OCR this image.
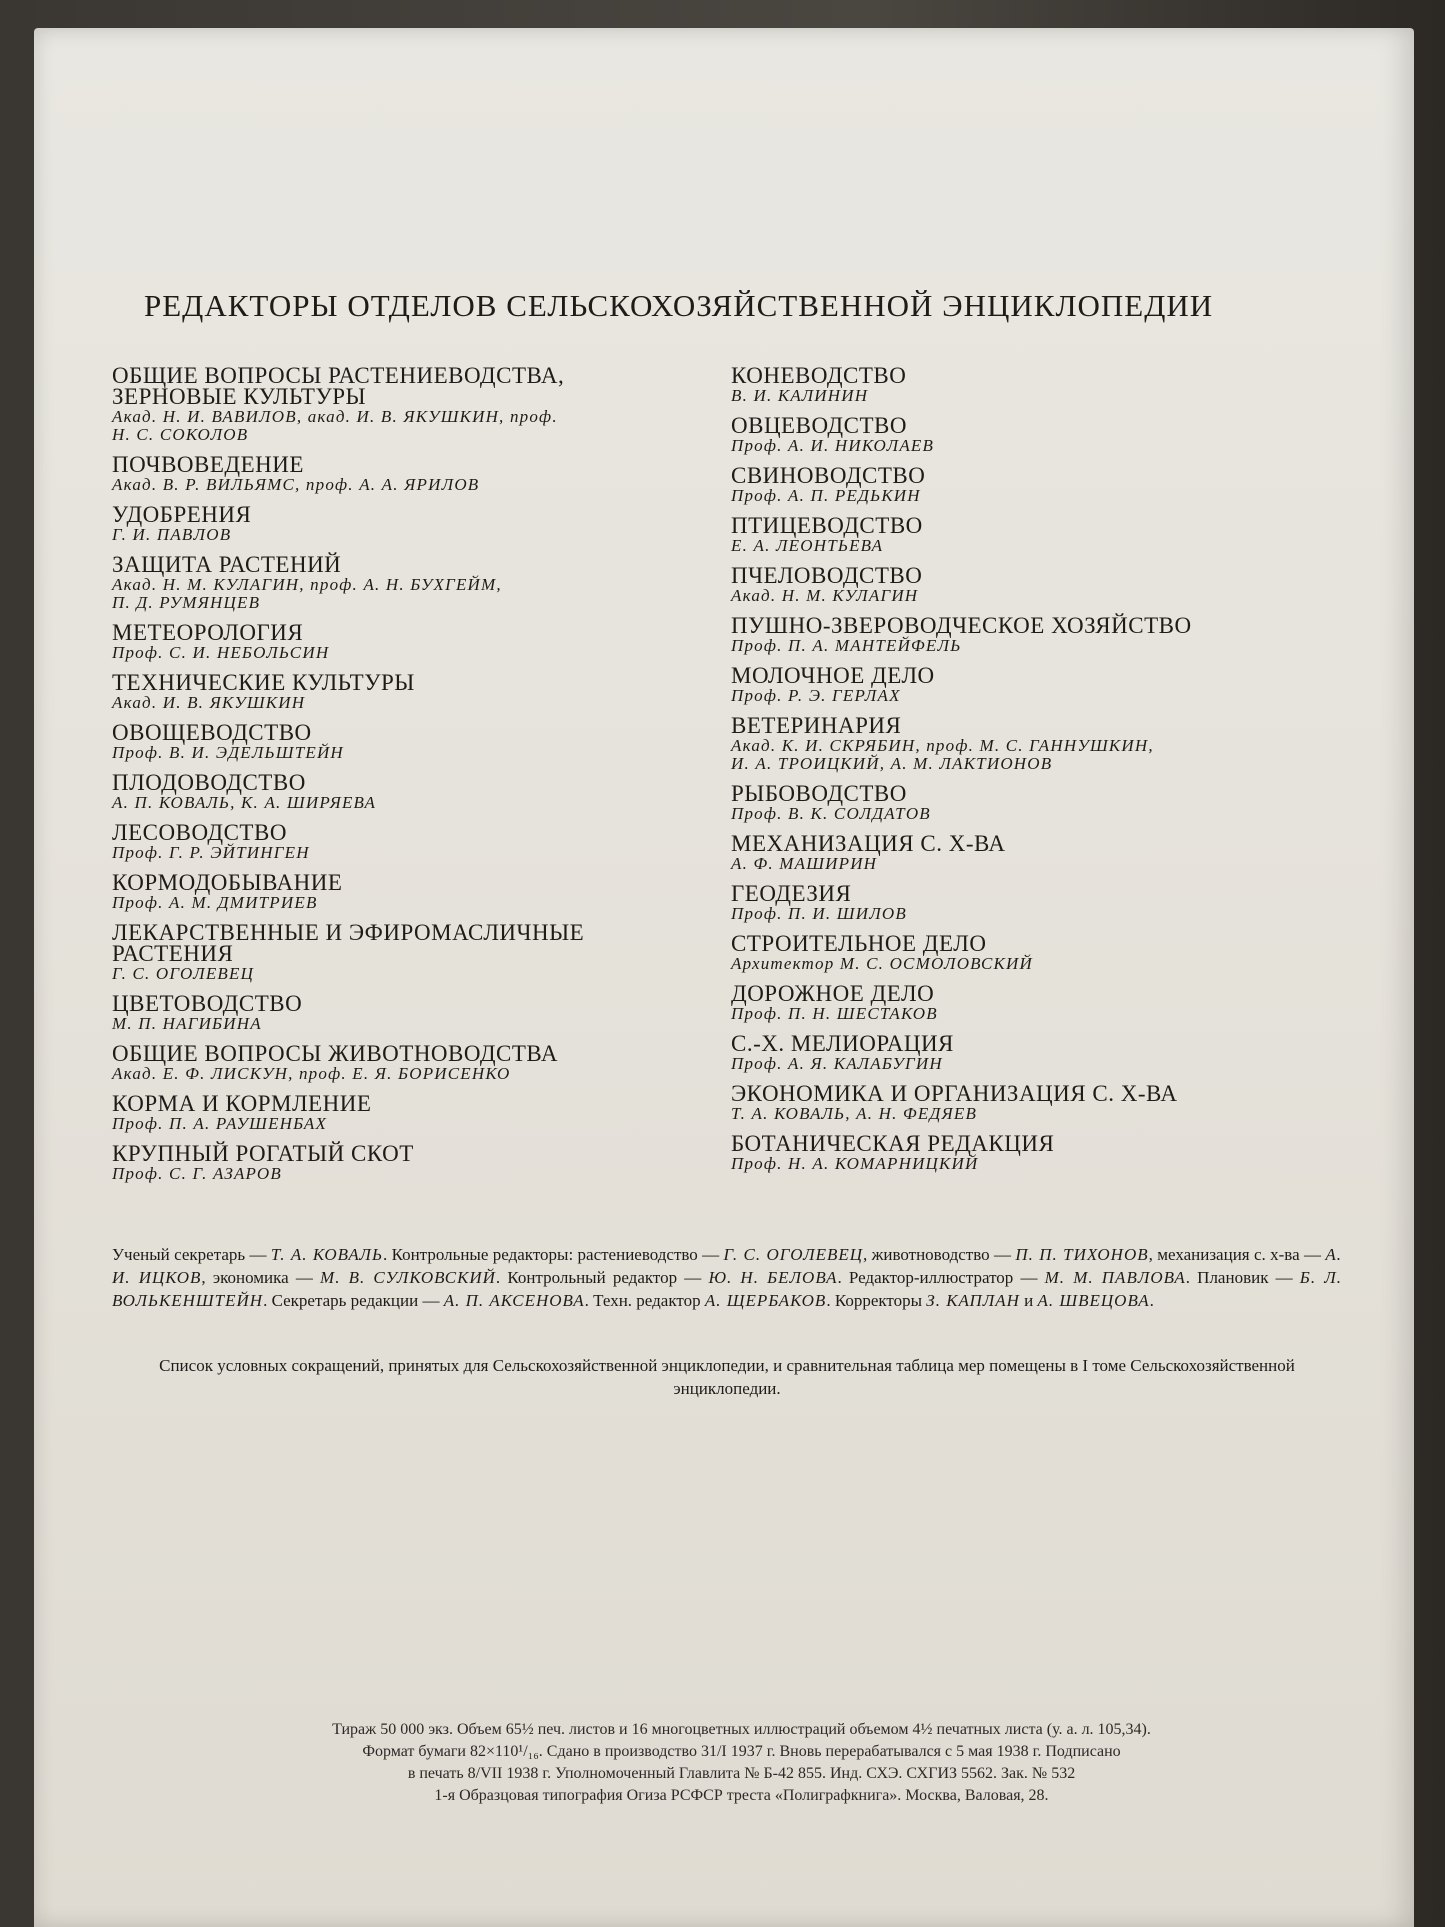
РЕДАКТОРЫ ОТДЕЛОВ СЕЛЬСКОХОЗЯЙСТВЕННОЙ ЭНЦИКЛОПЕДИИ
ОБЩИЕ ВОПРОСЫ РАСТЕНИЕВОДСТВА,
ЗЕРНОВЫЕ КУЛЬТУРЫ
Акад. Н. И. ВАВИЛОВ, акад. И. В. ЯКУШКИН, проф.
Н. С. СОКОЛОВ
ПОЧВОВЕДЕНИЕ
Акад. В. Р. ВИЛЬЯМС, проф. А. А. ЯРИЛОВ
УДОБРЕНИЯ
Г. И. ПАВЛОВ
ЗАЩИТА РАСТЕНИЙ
Акад. Н. М. КУЛАГИН, проф. А. Н. БУХГЕЙМ,
П. Д. РУМЯНЦЕВ
МЕТЕОРОЛОГИЯ
Проф. С. И. НЕБОЛЬСИН
ТЕХНИЧЕСКИЕ КУЛЬТУРЫ
Акад. И. В. ЯКУШКИН
ОВОЩЕВОДСТВО
Проф. В. И. ЭДЕЛЬШТЕЙН
ПЛОДОВОДСТВО
А. П. КОВАЛЬ, К. А. ШИРЯЕВА
ЛЕСОВОДСТВО
Проф. Г. Р. ЭЙТИНГЕН
КОРМОДОБЫВАНИЕ
Проф. А. М. ДМИТРИЕВ
ЛЕКАРСТВЕННЫЕ И ЭФИРОМАСЛИЧНЫЕ
РАСТЕНИЯ
Г. С. ОГОЛЕВЕЦ
ЦВЕТОВОДСТВО
М. П. НАГИБИНА
ОБЩИЕ ВОПРОСЫ ЖИВОТНОВОДСТВА
Акад. Е. Ф. ЛИСКУН, проф. Е. Я. БОРИСЕНКО
КОРМА И КОРМЛЕНИЕ
Проф. П. А. РАУШЕНБАХ
КРУПНЫЙ РОГАТЫЙ СКОТ
Проф. С. Г. АЗАРОВ
КОНЕВОДСТВО
В. И. КАЛИНИН
ОВЦЕВОДСТВО
Проф. А. И. НИКОЛАЕВ
СВИНОВОДСТВО
Проф. А. П. РЕДЬКИН
ПТИЦЕВОДСТВО
Е. А. ЛЕОНТЬЕВА
ПЧЕЛОВОДСТВО
Акад. Н. М. КУЛАГИН
ПУШНО-ЗВЕРОВОДЧЕСКОЕ ХОЗЯЙСТВО
Проф. П. А. МАНТЕЙФЕЛЬ
МОЛОЧНОЕ ДЕЛО
Проф. Р. Э. ГЕРЛАХ
ВЕТЕРИНАРИЯ
Акад. К. И. СКРЯБИН, проф. М. С. ГАННУШКИН,
И. А. ТРОИЦКИЙ, А. М. ЛАКТИОНОВ
РЫБОВОДСТВО
Проф. В. К. СОЛДАТОВ
МЕХАНИЗАЦИЯ С. Х-ВА
А. Ф. МАШИРИН
ГЕОДЕЗИЯ
Проф. П. И. ШИЛОВ
СТРОИТЕЛЬНОЕ ДЕЛО
Архитектор М. С. ОСМОЛОВСКИЙ
ДОРОЖНОЕ ДЕЛО
Проф. П. Н. ШЕСТАКОВ
С.-Х. МЕЛИОРАЦИЯ
Проф. А. Я. КАЛАБУГИН
ЭКОНОМИКА И ОРГАНИЗАЦИЯ С. Х-ВА
Т. А. КОВАЛЬ, А. Н. ФЕДЯЕВ
БОТАНИЧЕСКАЯ РЕДАКЦИЯ
Проф. Н. А. КОМАРНИЦКИЙ
Ученый секретарь — Т. А. КОВАЛЬ. Контрольные редакторы: растениеводство — Г. С. ОГОЛЕВЕЦ, животноводство — П. П. ТИХОНОВ, механизация с. х-ва — А. И. ИЦКОВ, экономика — М. В. СУЛКОВСКИЙ. Контрольный редактор — Ю. Н. БЕЛОВА. Редактор-иллюстратор — М. М. ПАВЛОВА. Плановик — Б. Л. ВОЛЬКЕНШТЕЙН. Секретарь редакции — А. П. АКСЕНОВА. Техн. редактор А. ЩЕРБАКОВ. Корректоры З. КАПЛАН и А. ШВЕЦОВА.
Список условных сокращений, принятых для Сельскохозяйственной энциклопедии, и сравнительная таблица мер помещены в I томе Сельскохозяйственной энциклопедии.
Тираж 50 000 экз. Объем 65½ печ. листов и 16 многоцветных иллюстраций объемом 4½ печатных листа (у. а. л. 105,34).
Формат бумаги 82×110¹/₁₆. Сдано в производство 31/I 1937 г. Вновь перерабатывался с 5 мая 1938 г. Подписано
в печать 8/VII 1938 г. Уполномоченный Главлита № Б-42 855. Инд. СХЭ. СХГИЗ 5562. Зак. № 532
1-я Образцовая типография Огиза РСФСР треста «Полиграфкнига». Москва, Валовая, 28.
